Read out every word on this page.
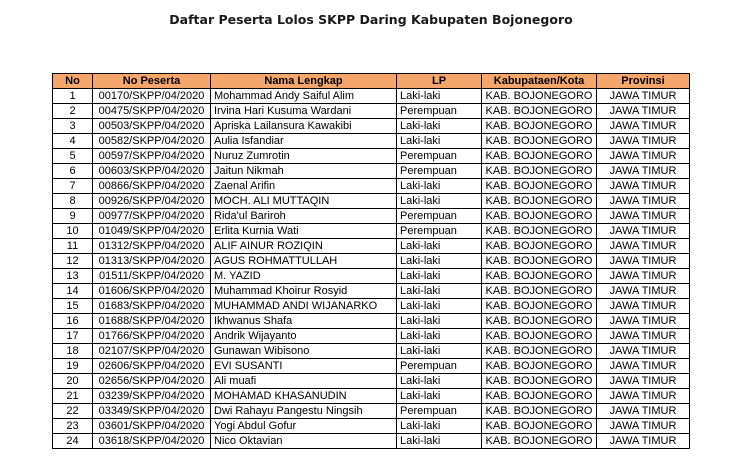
Daftar Peserta Lolos SKPP Daring Kabupaten Bojonegoro
No	No Peserta	Nama Lengkap	LP	Kabupataen/Kota	Provinsi
1	00170/SKPP/04/2020	Mohammad Andy Saiful Alim	Laki-laki	KAB. BOJONEGORO	JAWA TIMUR
2	00475/SKPP/04/2020	Irvina Hari Kusuma Wardani	Perempuan	KAB. BOJONEGORO	JAWA TIMUR
3	00503/SKPP/04/2020	Apriska Lailansura Kawakibi	Laki-laki	KAB. BOJONEGORO	JAWA TIMUR
4	00582/SKPP/04/2020	Aulia Isfandiar	Laki-laki	KAB. BOJONEGORO	JAWA TIMUR
5	00597/SKPP/04/2020	Nuruz Zumrotin	Perempuan	KAB. BOJONEGORO	JAWA TIMUR
6	00603/SKPP/04/2020	Jaitun Nikmah	Perempuan	KAB. BOJONEGORO	JAWA TIMUR
7	00866/SKPP/04/2020	Zaenal Arifin	Laki-laki	KAB. BOJONEGORO	JAWA TIMUR
8	00926/SKPP/04/2020	MOCH. ALI MUTTAQIN	Laki-laki	KAB. BOJONEGORO	JAWA TIMUR
9	00977/SKPP/04/2020	Rida'ul Bariroh	Perempuan	KAB. BOJONEGORO	JAWA TIMUR
10	01049/SKPP/04/2020	Erlita Kurnia Wati	Perempuan	KAB. BOJONEGORO	JAWA TIMUR
11	01312/SKPP/04/2020	ALIF AINUR ROZIQIN	Laki-laki	KAB. BOJONEGORO	JAWA TIMUR
12	01313/SKPP/04/2020	AGUS ROHMATTULLAH	Laki-laki	KAB. BOJONEGORO	JAWA TIMUR
13	01511/SKPP/04/2020	M. YAZID	Laki-laki	KAB. BOJONEGORO	JAWA TIMUR
14	01606/SKPP/04/2020	Muhammad Khoirur Rosyid	Laki-laki	KAB. BOJONEGORO	JAWA TIMUR
15	01683/SKPP/04/2020	MUHAMMAD ANDI WIJANARKO	Laki-laki	KAB. BOJONEGORO	JAWA TIMUR
16	01688/SKPP/04/2020	Ikhwanus Shafa	Laki-laki	KAB. BOJONEGORO	JAWA TIMUR
17	01766/SKPP/04/2020	Andrik Wijayanto	Laki-laki	KAB. BOJONEGORO	JAWA TIMUR
18	02107/SKPP/04/2020	Gunawan Wibisono	Laki-laki	KAB. BOJONEGORO	JAWA TIMUR
19	02606/SKPP/04/2020	EVI SUSANTI	Perempuan	KAB. BOJONEGORO	JAWA TIMUR
20	02656/SKPP/04/2020	Ali muafi	Laki-laki	KAB. BOJONEGORO	JAWA TIMUR
21	03239/SKPP/04/2020	MOHAMAD KHASANUDIN	Laki-laki	KAB. BOJONEGORO	JAWA TIMUR
22	03349/SKPP/04/2020	Dwi Rahayu Pangestu Ningsih	Perempuan	KAB. BOJONEGORO	JAWA TIMUR
23	03601/SKPP/04/2020	Yogi Abdul Gofur	Laki-laki	KAB. BOJONEGORO	JAWA TIMUR
24	03618/SKPP/04/2020	Nico Oktavian	Laki-laki	KAB. BOJONEGORO	JAWA TIMUR
